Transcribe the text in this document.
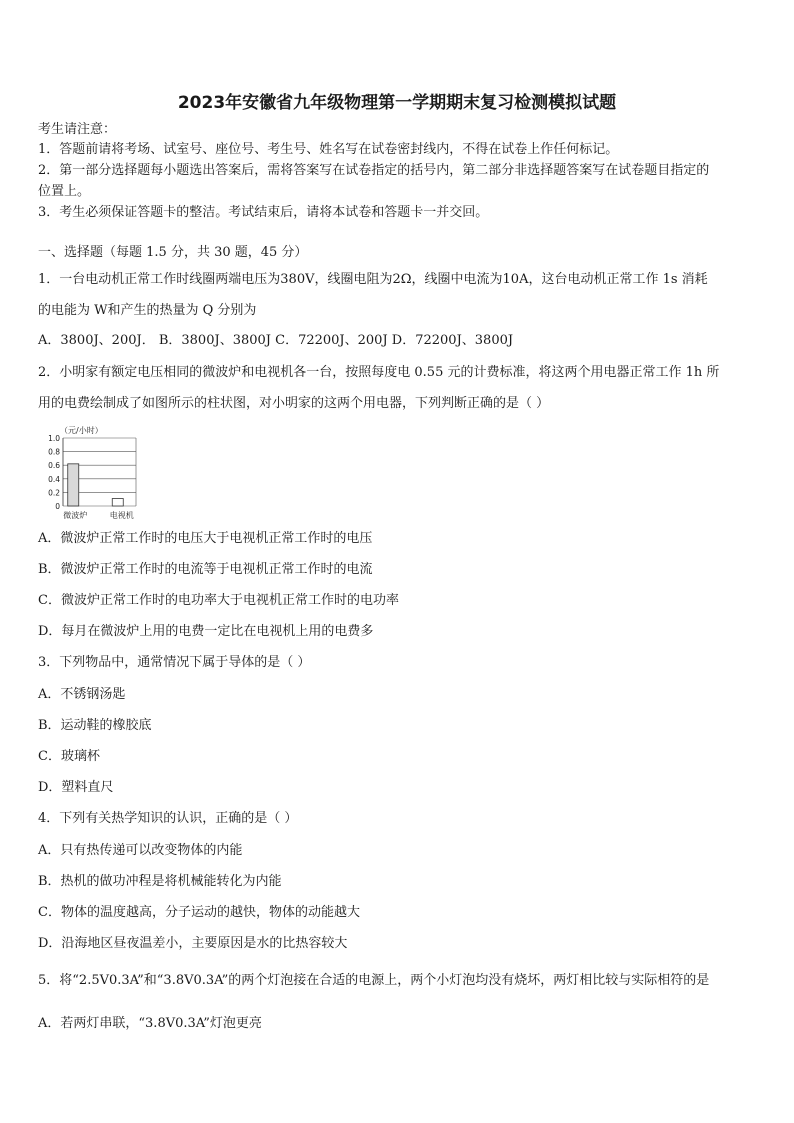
2023年安徽省九年级物理第一学期期末复习检测模拟试题
考生请注意：
1．答题前请将考场、试室号、座位号、考生号、姓名写在试卷密封线内，不得在试卷上作任何标记。
2．第一部分选择题每小题选出答案后，需将答案写在试卷指定的括号内，第二部分非选择题答案写在试卷题目指定的
位置上。
3．考生必须保证答题卡的整洁。考试结束后，请将本试卷和答题卡一并交回。
一、选择题（每题 1.5 分，共 30 题，45 分）
1．一台电动机正常工作时线圈两端电压为380V，线圈电阻为2Ω，线圈中电流为10A，这台电动机正常工作 1s 消耗
的电能为 W和产生的热量为 Q 分别为
A．3800J、200J． B．3800J、3800J C．72200J、200J D．72200J、3800J
2．小明家有额定电压相同的微波炉和电视机各一台，按照每度电 0.55 元的计费标准，将这两个用电器正常工作 1h 所
用的电费绘制成了如图所示的柱状图，对小明家的这两个用电器，下列判断正确的是（ ）
（元/小时）
1.0
0.8
0.6
0.4
0.2
0
微波炉	电视机
A．微波炉正常工作时的电压大于电视机正常工作时的电压
B．微波炉正常工作时的电流等于电视机正常工作时的电流
C．微波炉正常工作时的电功率大于电视机正常工作时的电功率
D．每月在微波炉上用的电费一定比在电视机上用的电费多
3．下列物品中，通常情况下属于导体的是（ ）
A．不锈钢汤匙
B．运动鞋的橡胶底
C．玻璃杯
D．塑料直尺
4．下列有关热学知识的认识，正确的是（ ）
A．只有热传递可以改变物体的内能
B．热机的做功冲程是将机械能转化为内能
C．物体的温度越高，分子运动的越快，物体的动能越大
D．沿海地区昼夜温差小，主要原因是水的比热容较大
5．将“2.5V0.3A”和“3.8V0.3A”的两个灯泡接在合适的电源上，两个小灯泡均没有烧坏，两灯相比较与实际相符的是
A．若两灯串联，“3.8V0.3A”灯泡更亮
